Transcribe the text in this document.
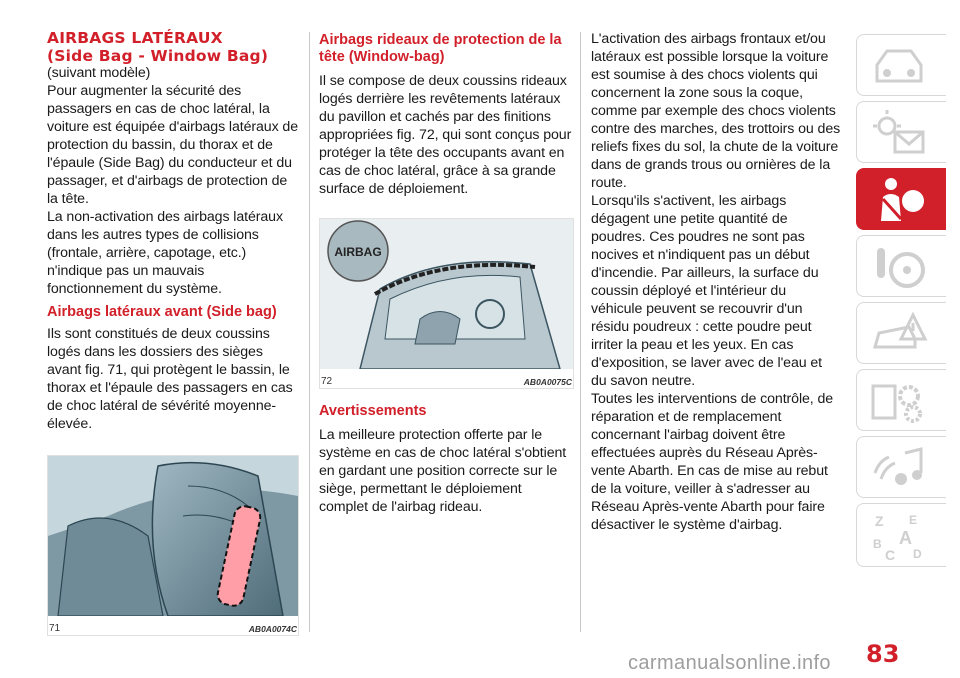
AIRBAGS LATÉRAUX
(Side Bag - Window Bag)

(suivant modèle)

Pour augmenter la sécurité des passagers en cas de choc latéral, la voiture est équipée d'airbags latéraux de protection du bassin, du thorax et de l'épaule (Side Bag) du conducteur et du passager, et d'airbags de protection de la tête.

La non-activation des airbags latéraux dans les autres types de collisions (frontale, arrière, capotage, etc.) n'indique pas un mauvais fonctionnement du système.

Airbags latéraux avant (Side bag)

Ils sont constitués de deux coussins logés dans les dossiers des sièges avant fig. 71, qui protègent le bassin, le thorax et l'épaule des passagers en cas de choc latéral de sévérité moyenne-élevée.

71	AB0A0074C
Airbags rideaux de protection de la tête (Window-bag)

Il se compose de deux coussins rideaux logés derrière les revêtements latéraux du pavillon et cachés par des finitions appropriées fig. 72, qui sont conçus pour protéger la tête des occupants avant en cas de choc latéral, grâce à sa grande surface de déploiement.

AIRBAG
72	AB0A0075C
Avertissements

La meilleure protection offerte par le système en cas de choc latéral s'obtient en gardant une position correcte sur le siège, permettant le déploiement complet de l'airbag rideau.

L'activation des airbags frontaux et/ou latéraux est possible lorsque la voiture est soumise à des chocs violents qui concernent la zone sous la coque, comme par exemple des chocs violents contre des marches, des trottoirs ou des reliefs fixes du sol, la chute de la voiture dans de grands trous ou ornières de la route.

Lorsqu'ils s'activent, les airbags dégagent une petite quantité de poudres. Ces poudres ne sont pas nocives et n'indiquent pas un début d'incendie. Par ailleurs, la surface du coussin déployé et l'intérieur du véhicule peuvent se recouvrir d'un résidu poudreux : cette poudre peut irriter la peau et les yeux. En cas d'exposition, se laver avec de l'eau et du savon neutre.

Toutes les interventions de contrôle, de réparation et de remplacement concernant l'airbag doivent être effectuées auprès du Réseau Après-vente Abarth. En cas de mise au rebut de la voiture, veiller à s'adresser au Réseau Après-vente Abarth pour faire désactiver le système d'airbag.	Z E
A
B
C D
83
carmanualsonline.info
